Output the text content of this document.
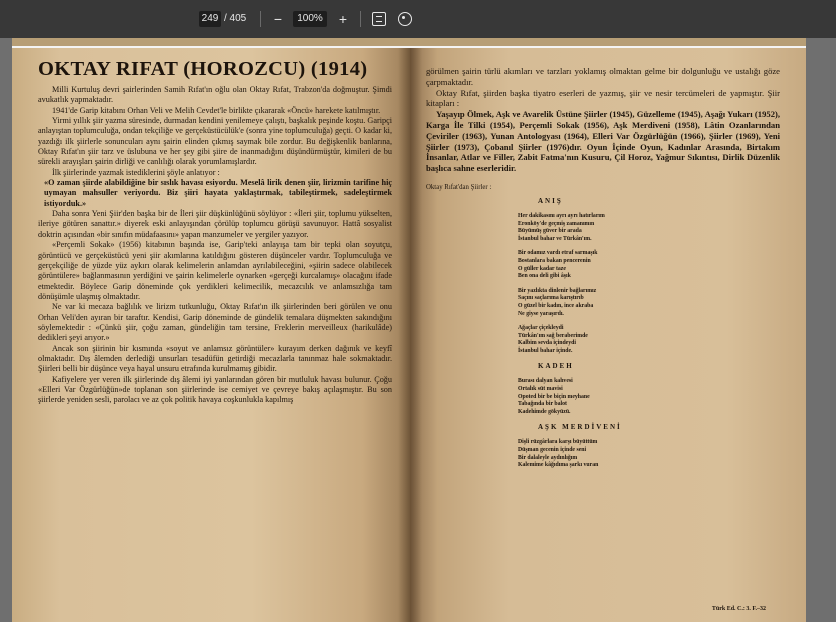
249 / 405	−	100%	+
OKTAY RIFAT (HOROZCU) (1914)

Milli Kurtuluş devri şairlerinden Samih Rıfat'ın oğlu olan Oktay Rıfat, Trabzon'da doğmuştur. Şimdi avukatlık yapmaktadır.

1941'de Garip kitabını Orhan Veli ve Melih Cevdet'le birlikte çıkararak «Öncü» harekete katılmıştır.

Yirmi yıllık şiir yazma süresinde, durmadan kendini yenilemeye çalıştı, başkalık peşinde koştu. Garipçi anlayıştan toplumculuğa, ondan tekçiliğe ve gerçeküstücülük'e (sonra yine toplumculuğa) geçti. O kadar ki, yazdığı ilk şiirlerle sonuncuları aynı şairin elinden çıkmış saymak bile zordur. Bu değişkenlik banlarına, Oktay Rıfat'ın şiir tarz ve üslubuna ve her şey gibi şiire de inanmadığını düşündürmüştür, kimileri de bu sürekli arayışları şairin dirliği ve canlılığı olarak yorumlamışlardır.

İlk şiirlerinde yazmak istediklerini şöyle anlatıyor :

«O zaman şiirde alabildiğine bir sıslık havası esiyordu. Meselâ lirik denen şiir, lirizmin tarifine hiç uymayan mahsuller veriyordu. Biz şiiri hayata yaklaştırmak, tabileştirmek, sadeleştirmek istiyorduk.»

Daha sonra Yeni Şiir'den başka bir de İleri şiir düşkünlüğünü söylüyor : «İleri şiir, toplumu yükselten, ileriye götüren sanattır.» diyerek eski anlayışından çörülüp toplumcu görüşü savunuyor. Hattâ sosyalist doktrin açısından «bir sınıfın müdafaasını» yapan manzumeler ve yergiler yazıyor.

«Perçemli Sokak» (1956) kitabının başında ise, Garip'teki anlayışa tam bir tepki olan soyutçu, görüntücü ve gerçeküstücü yeni şiir akımlarına katıldığını gösteren düşünceler vardır. Toplumculuğa ve gerçekçiliğe de yüzde yüz aykırı olarak kelimelerin anlamdan ayrılabileceğini, «şiirin sadece olabilecek görüntülere» bağlanmasının yerdiğini ve şairin kelimelerle oynarken «gerçeği kurcalamış» olacağını ifade etmektedir. Böylece Garip döneminde çok yerdikleri kelimecilik, mecazcılık ve anlamsızlığa tam dönüşümle ulaşmış olmaktadır.

Ne var ki mecaza bağlılık ve lirizm tutkunluğu, Oktay Rıfat'ın ilk şiirlerinden beri görülen ve onu Orhan Veli'den ayıran bir taraftır. Kendisi, Garip döneminde de gündelik temalara düşmekten sakındığını söylemektedir : «Çünkü şiir, çoğu zaman, gündeliğin tam tersine, Freklerin merveilleux (harikulâde) dedikleri şeyi arıyor.»

Ancak son şiirinin bir kısmında «soyut ve anlamsız görüntüler» kurayım derken dağınık ve keyfî olmaktadır. Dış âlemden derlediği unsurları tesadüfün getirdiği mecazlarla tanınmaz hale sokmaktadır. Şiirleri belli bir düşünce veya hayal unsuru etrafında kurulmamış gibidir.

Kafiyelere yer veren ilk şiirlerinde dış âlemi iyi yanlarından gören bir mutluluk havası bulunur. Çoğu «Elleri Var Özgürlüğün»de toplanan son şiirlerinde ise cemiyet ve çevreye bakış açılaşmıştır. Bu son şiirlerde yeniden sesli, parolacı ve az çok politik havaya coşkunlukla kapılmış

görülmen şairin türlü akımları ve tarzları yoklamış olmaktan gelme bir dolgunluğu ve ustalığı göze çarpmaktadır.

Oktay Rıfat, şiirden başka tiyatro eserleri de yazmış, şiir ve nesir tercümeleri de yapmıştır. Şiir kitapları :

Yaşayıp Ölmek, Aşk ve Avarelik Üstüne Şiirler (1945), Güzelleme (1945), Aşağı Yukarı (1952), Karga İle Tilki (1954), Perçemli Sokak (1956), Aşk Merdiveni (1958), Lâtin Ozanlarından Çeviriler (1963), Yunan Antologyası (1964), Elleri Var Özgürlüğün (1966), Şiirler (1969), Yeni Şiirler (1973), Çobanıl Şiirler (1976)dır. Oyun İçinde Oyun, Kadınlar Arasında, Birtakım İnsanlar, Atlar ve Filler, Zabit Fatma'nın Kusuru, Çil Horoz, Yağmur Sıkıntısı, Dirlik Düzenlik başlıca sahne eserleridir.

Oktay Rıfat'dan Şiirler :
ANIŞ
Her dakikasını ayrı ayrı hatırlarım
Eronköy'de geçmiş zamanımın
Büyümüş güver bir arada
İstanbul bahar ve Türkân'ım.
Bir odamız vardı etraf sarmaşık
Bostanlara bakan pencerenin
O güller kadar taze
Ben ona deli gibi âşık
Bir yazlıkta dinlenir bağlarımız
Saçını saçlarıma karıştırıb
O güzel bir kadın, ince akraba
Ne giyse yaraşırdı.
Ağaçlar çiçekleydi
Türkân'ım sağ beraberimde
Kalbim sevda içindeydi
İstanbul bahar içinde.
KADEH
Burası dalyan kahvesi
Ortalık süt mavisi
Opoted bir be biçin meyhane
Tabağında bir balot
Kadehimde gökyüzü.
AŞK MERDİVENİ
Dişli rüzgârlara karşı büyüttüm
Düşman gecenin içinde seni
Bir dalaleyle aydınlığım
Kalemime kâğıdıma şarkı vuran
Türk Ed. C.: 3. F.–32
